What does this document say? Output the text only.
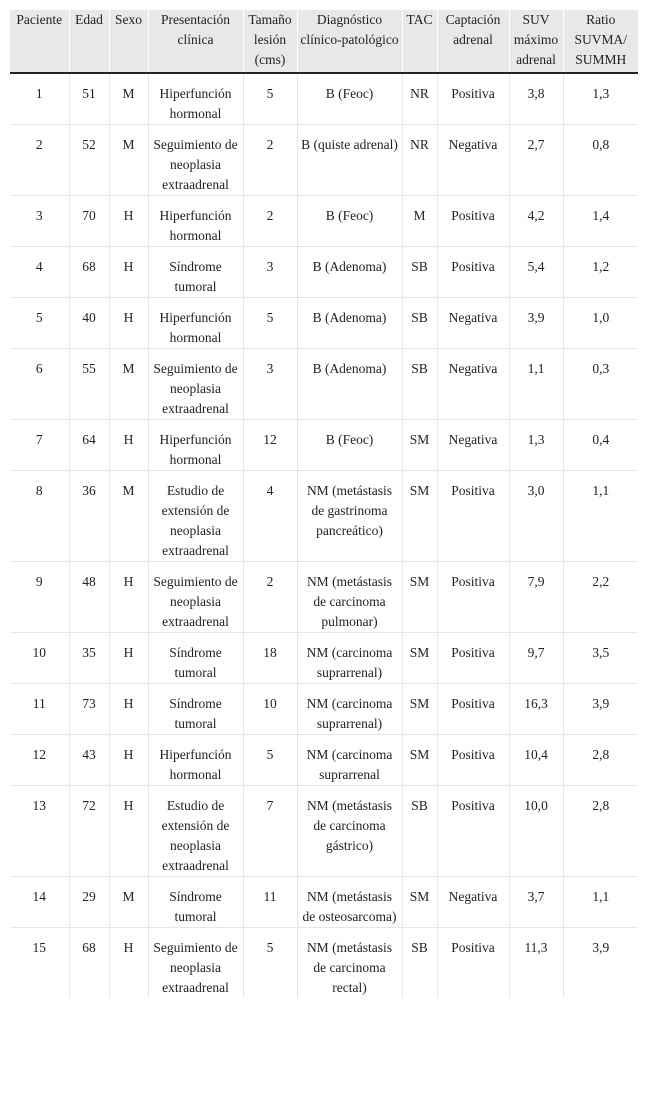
Paciente	Edad	Sexo	Presentación clínica	Tamaño lesión (cms)	Diagnóstico clínico-patológico	TAC	Captación adrenal	SUV máximo adrenal	Ratio SUVMA/ SUMMH
1	51	M	Hiperfunción hormonal	5	B (Feoc)	NR	Positiva	3,8	1,3
2	52	M	Seguimiento de neoplasia extraadrenal	2	B (quiste adrenal)	NR	Negativa	2,7	0,8
3	70	H	Hiperfunción hormonal	2	B (Feoc)	M	Positiva	4,2	1,4
4	68	H	Síndrome tumoral	3	B (Adenoma)	SB	Positiva	5,4	1,2
5	40	H	Hiperfunción hormonal	5	B (Adenoma)	SB	Negativa	3,9	1,0
6	55	M	Seguimiento de neoplasia extraadrenal	3	B (Adenoma)	SB	Negativa	1,1	0,3
7	64	H	Hiperfunción hormonal	12	B (Feoc)	SM	Negativa	1,3	0,4
8	36	M	Estudio de extensión de neoplasia extraadrenal	4	NM (metástasis de gastrinoma pancreático)	SM	Positiva	3,0	1,1
9	48	H	Seguimiento de neoplasia extraadrenal	2	NM (metástasis de carcinoma pulmonar)	SM	Positiva	7,9	2,2
10	35	H	Síndrome tumoral	18	NM (carcinoma suprarrenal)	SM	Positiva	9,7	3,5
11	73	H	Síndrome tumoral	10	NM (carcinoma suprarrenal)	SM	Positiva	16,3	3,9
12	43	H	Hiperfunción hormonal	5	NM (carcinoma suprarrenal	SM	Positiva	10,4	2,8
13	72	H	Estudio de extensión de neoplasia extraadrenal	7	NM (metástasis de carcinoma gástrico)	SB	Positiva	10,0	2,8
14	29	M	Síndrome tumoral	11	NM (metástasis de osteosarcoma)	SM	Negativa	3,7	1,1
15	68	H	Seguimiento de neoplasia extraadrenal	5	NM (metástasis de carcinoma rectal)	SB	Positiva	11,3	3,9
